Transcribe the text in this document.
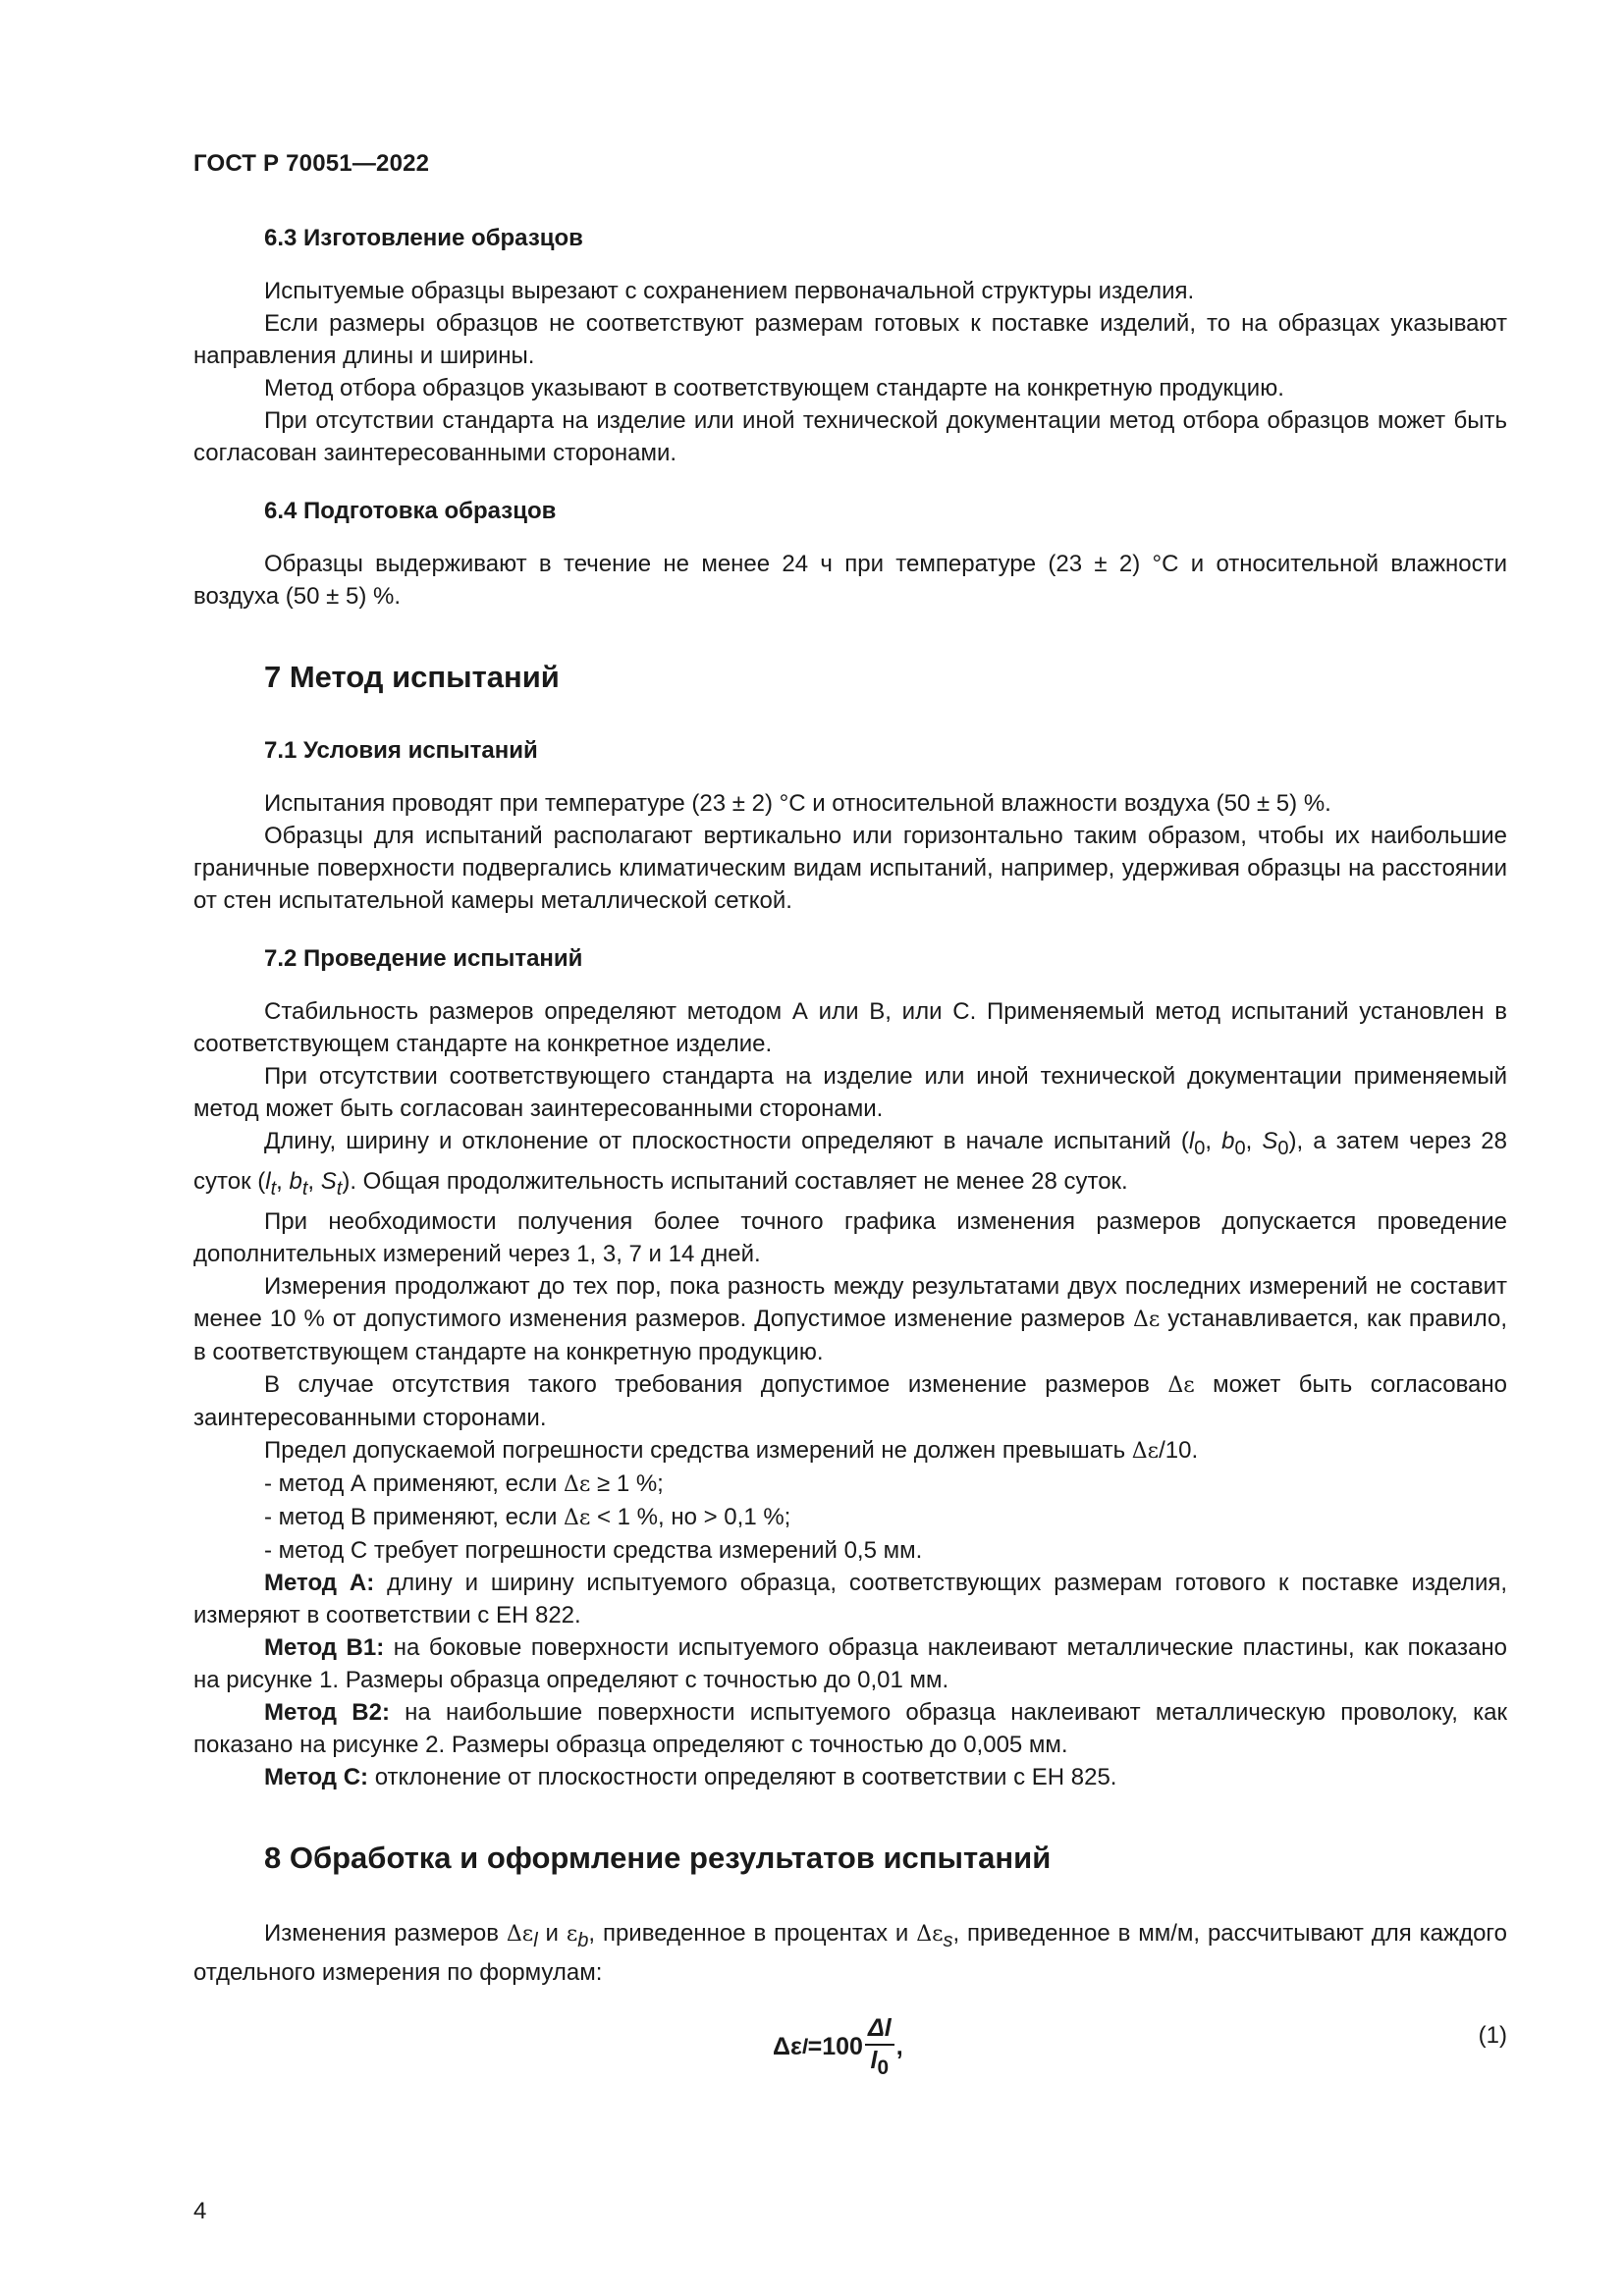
ГОСТ Р 70051—2022
6.3 Изготовление образцов

Испытуемые образцы вырезают с сохранением первоначальной структуры изделия.

Если размеры образцов не соответствуют размерам готовых к поставке изделий, то на образцах указывают направления длины и ширины.

Метод отбора образцов указывают в соответствующем стандарте на конкретную продукцию.

При отсутствии стандарта на изделие или иной технической документации метод отбора образцов может быть согласован заинтересованными сторонами.

6.4 Подготовка образцов

Образцы выдерживают в течение не менее 24 ч при температуре (23 ± 2) °С и относительной влажности воздуха (50 ± 5) %.

7 Метод испытаний
7.1 Условия испытаний

Испытания проводят при температуре (23 ± 2) °С и относительной влажности воздуха (50 ± 5) %.

Образцы для испытаний располагают вертикально или горизонтально таким образом, чтобы их наибольшие граничные поверхности подвергались климатическим видам испытаний, например, удерживая образцы на расстоянии от стен испытательной камеры металлической сеткой.

7.2 Проведение испытаний

Стабильность размеров определяют методом А или В, или С. Применяемый метод испытаний установлен в соответствующем стандарте на конкретное изделие.

При отсутствии соответствующего стандарта на изделие или иной технической документации применяемый метод может быть согласован заинтересованными сторонами.

Длину, ширину и отклонение от плоскостности определяют в начале испытаний ($l_0$, $b_0$, $S_0$), а затем через 28 суток ($l_t$, $b_t$, $S_t$). Общая продолжительность испытаний составляет не менее 28 суток.

При необходимости получения более точного графика изменения размеров допускается проведение дополнительных измерений через 1, 3, 7 и 14 дней.

Измерения продолжают до тех пор, пока разность между результатами двух последних измерений не составит менее 10 % от допустимого изменения размеров. Допустимое изменение размеров Δε устанавливается, как правило, в соответствующем стандарте на конкретную продукцию.

В случае отсутствия такого требования допустимое изменение размеров Δε может быть согласовано заинтересованными сторонами.

Предел допускаемой погрешности средства измерений не должен превышать Δε/10.

- метод А применяют, если Δε ≥ 1 %;

- метод В применяют, если Δε < 1 %, но > 0,1 %;

- метод С требует погрешности средства измерений 0,5 мм.

Метод А: длину и ширину испытуемого образца, соответствующих размерам готового к поставке изделия, измеряют в соответствии с ЕН 822.

Метод В1: на боковые поверхности испытуемого образца наклеивают металлические пластины, как показано на рисунке 1. Размеры образца определяют с точностью до 0,01 мм.

Метод В2: на наибольшие поверхности испытуемого образца наклеивают металлическую проволоку, как показано на рисунке 2. Размеры образца определяют с точностью до 0,005 мм.

Метод С: отклонение от плоскостности определяют в соответствии с ЕН 825.

8 Обработка и оформление результатов испытаний

Изменения размеров $\Delta\varepsilon_l$ и $\varepsilon_b$, приведенное в процентах и $\Delta\varepsilon_s$, приведенное в мм/м, рассчитывают для каждого отдельного измерения по формулам:

Δε $l =100 \frac{\Delta l}{l_0}$ ,	(1)
4
